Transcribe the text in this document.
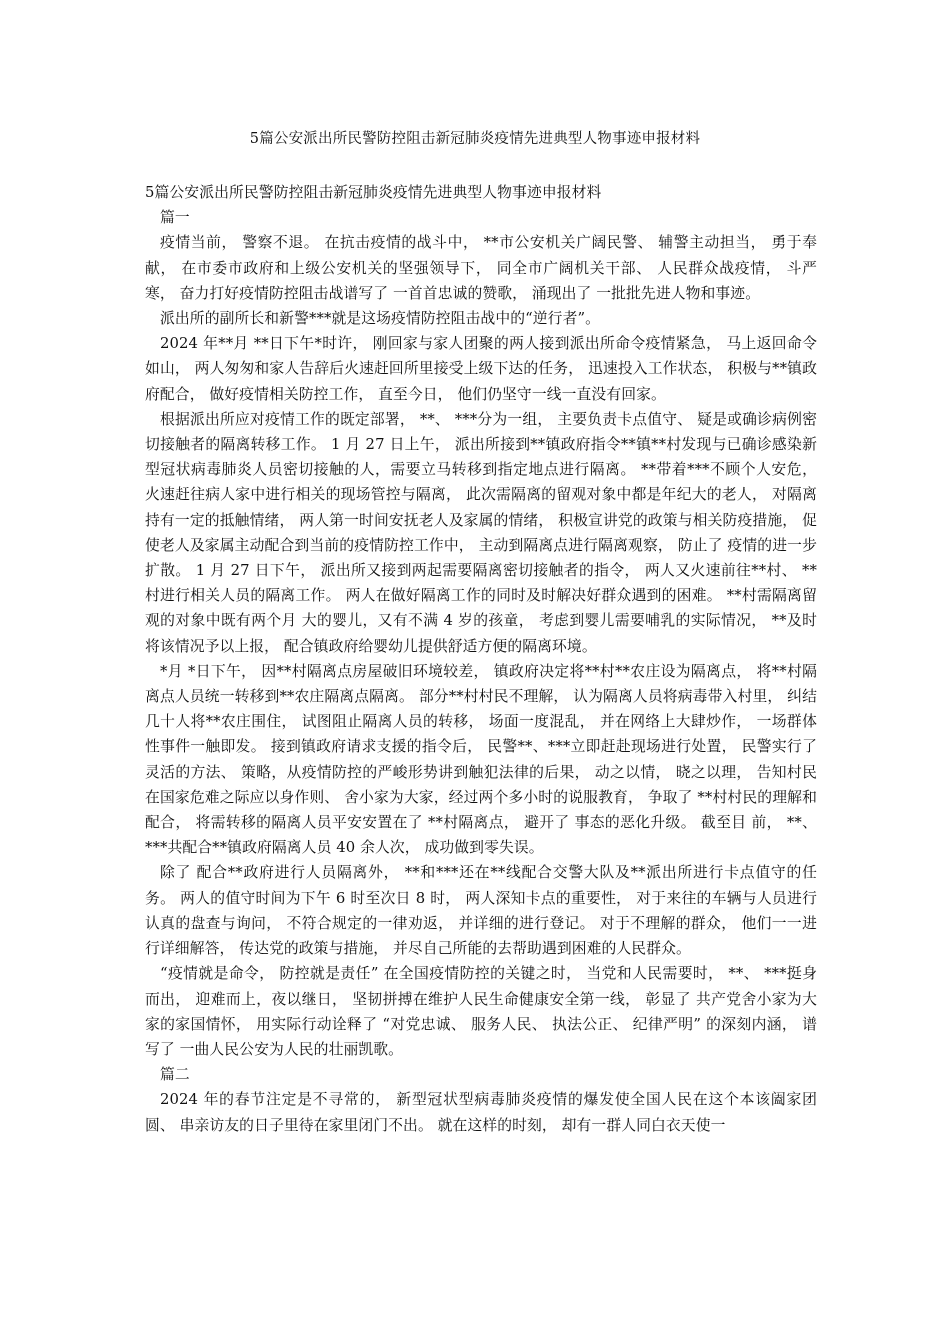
5篇公安派出所民警防控阻击新冠肺炎疫情先进典型人物事迹申报材料

5篇公安派出所民警防控阻击新冠肺炎疫情先进典型人物事迹申报材料

篇一

疫情当前， 警察不退。 在抗击疫情的战斗中， **市公安机关广阔民警、 辅警主动担当， 勇于奉献， 在市委市政府和上级公安机关的坚强领导下， 同全市广阔机关干部、 人民群众战疫情， 斗严寒， 奋力打好疫情防控阻击战谱写了 一首首忠诚的赞歌， 涌现出了 一批批先进人物和事迹。

派出所的副所长和新警***就是这场疫情防控阻击战中的“逆行者”。

2024 年**月 **日下午*时许， 刚回家与家人团聚的两人接到派出所命令疫情紧急， 马上返回命令如山， 两人匆匆和家人告辞后火速赶回所里接受上级下达的任务， 迅速投入工作状态， 积极与**镇政府配合， 做好疫情相关防控工作， 直至今日， 他们仍坚守一线一直没有回家。

根据派出所应对疫情工作的既定部署， **、 ***分为一组， 主要负责卡点值守、 疑是或确诊病例密切接触者的隔离转移工作。 1 月 27 日上午， 派出所接到**镇政府指令**镇**村发现与已确诊感染新型冠状病毒肺炎人员密切接触的人，需要立马转移到指定地点进行隔离。 **带着***不顾个人安危， 火速赶往病人家中进行相关的现场管控与隔离， 此次需隔离的留观对象中都是年纪大的老人， 对隔离持有一定的抵触情绪， 两人第一时间安抚老人及家属的情绪， 积极宣讲党的政策与相关防疫措施， 促使老人及家属主动配合到当前的疫情防控工作中， 主动到隔离点进行隔离观察， 防止了 疫情的进一步扩散。 1 月 27 日下午， 派出所又接到两起需要隔离密切接触者的指令， 两人又火速前往**村、 **村进行相关人员的隔离工作。 两人在做好隔离工作的同时及时解决好群众遇到的困难。 **村需隔离留观的对象中既有两个月 大的婴儿，又有不满 4 岁的孩童， 考虑到婴儿需要哺乳的实际情况， **及时将该情况予以上报， 配合镇政府给婴幼儿提供舒适方便的隔离环境。

*月 *日下午， 因**村隔离点房屋破旧环境较差， 镇政府决定将**村**农庄设为隔离点， 将**村隔离点人员统一转移到**农庄隔离点隔离。 部分**村村民不理解， 认为隔离人员将病毒带入村里， 纠结几十人将**农庄围住， 试图阻止隔离人员的转移， 场面一度混乱， 并在网络上大肆炒作， 一场群体性事件一触即发。 接到镇政府请求支援的指令后， 民警**、***立即赶赴现场进行处置， 民警实行了 灵活的方法、 策略，从疫情防控的严峻形势讲到触犯法律的后果， 动之以情， 晓之以理， 告知村民在国家危难之际应以身作则、 舍小家为大家，经过两个多小时的说服教育， 争取了 **村村民的理解和配合， 将需转移的隔离人员平安安置在了 **村隔离点， 避开了 事态的恶化升级。 截至目 前， **、 ***共配合**镇政府隔离人员 40 余人次， 成功做到零失误。

除了 配合**政府进行人员隔离外， **和***还在**线配合交警大队及**派出所进行卡点值守的任务。 两人的值守时间为下午 6 时至次日 8 时， 两人深知卡点的重要性， 对于来往的车辆与人员进行认真的盘查与询问， 不符合规定的一律劝返， 并详细的进行登记。 对于不理解的群众， 他们一一进行详细解答， 传达党的政策与措施， 并尽自己所能的去帮助遇到困难的人民群众。

“疫情就是命令， 防控就是责任” 在全国疫情防控的关键之时， 当党和人民需要时， **、 ***挺身而出， 迎难而上，夜以继日， 坚韧拼搏在维护人民生命健康安全第一线， 彰显了 共产党舍小家为大家的家国情怀， 用实际行动诠释了 “对党忠诚、 服务人民、 执法公正、 纪律严明” 的深刻内涵， 谱写了 一曲人民公安为人民的壮丽凯歌。

篇二

2024 年的春节注定是不寻常的， 新型冠状型病毒肺炎疫情的爆发使全国人民在这个本该阖家团圆、 串亲访友的日子里待在家里闭门不出。 就在这样的时刻， 却有一群人同白衣天使一
